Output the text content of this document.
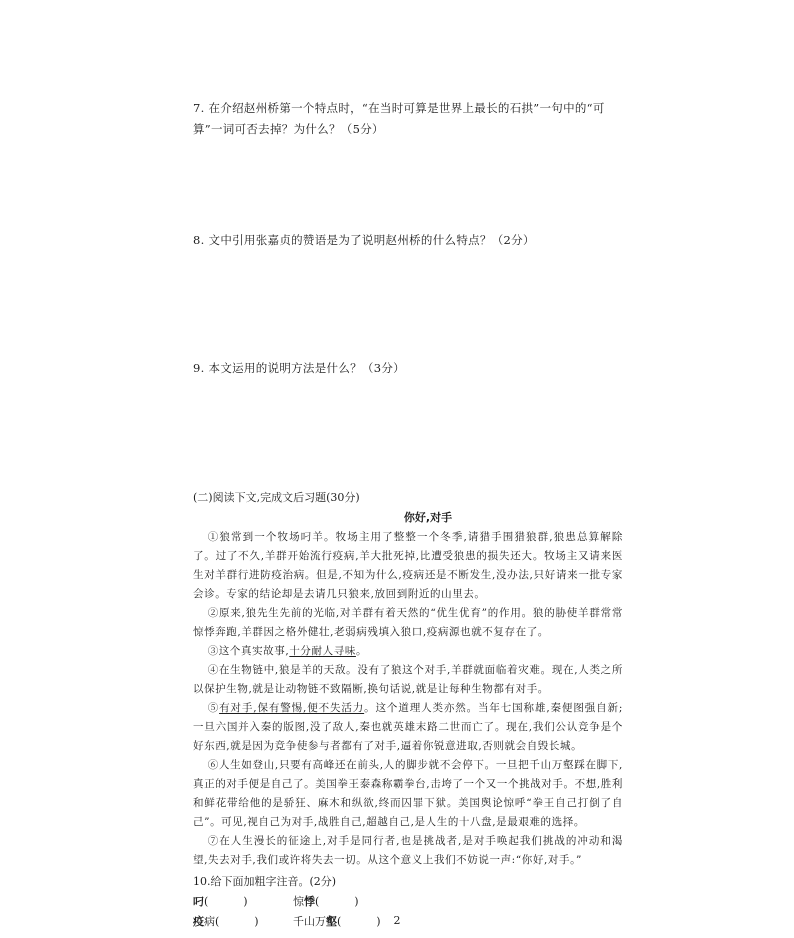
7. 在介绍赵州桥第一个特点时，“在当时可算是世界上最长的石拱”一句中的“可算”一词可否去掉？为什么？（5分）
8. 文中引用张嘉贞的赞语是为了说明赵州桥的什么特点？（2分）
9. 本文运用的说明方法是什么？（3分）
(二)阅读下文,完成文后习题(30分)
你好,对手
①狼常到一个牧场叼羊。牧场主用了整整一个冬季,请猎手围猎狼群,狼患总算解除了。过了不久,羊群开始流行疫病,羊大批死掉,比遭受狼患的损失还大。牧场主又请来医生对羊群行进防疫治病。但是,不知为什么,疫病还是不断发生,没办法,只好请来一批专家会诊。专家的结论却是去请几只狼来,放回到附近的山里去。
②原来,狼先生先前的光临,对羊群有着天然的“优生优育”的作用。狼的胁使羊群常常惊悸奔跑,羊群因之格外健壮,老弱病残填入狼口,疫病源也就不复存在了。
③这个真实故事,十分耐人寻味。
④在生物链中,狼是羊的天敌。没有了狼这个对手,羊群就面临着灾难。现在,人类之所以保护生物,就是让动物链不致隔断,换句话说,就是让每种生物都有对手。
⑤有对手,保有警惕,便不失活力。这个道理人类亦然。当年七国称雄,秦便图强自新;一旦六国并入秦的版图,没了敌人,秦也就英雄末路二世而亡了。现在,我们公认竞争是个好东西,就是因为竞争使参与者都有了对手,逼着你锐意进取,否则就会自毁长城。
⑥人生如登山,只要有高峰还在前头,人的脚步就不会停下。一旦把千山万壑踩在脚下,真正的对手便是自己了。美国拳王泰森称霸拳台,击垮了一个又一个挑战对手。不想,胜利和鲜花带给他的是骄狂、麻木和纵欲,终而囚罪下狱。美国舆论惊呼“拳王自己打倒了自己”。可见,视自己为对手,战胜自己,超越自己,是人生的十八盘,是最艰难的选择。
⑦在人生漫长的征途上,对手是同行者,也是挑战者,是对手唤起我们挑战的冲动和渴望,失去对手,我们或许将失去一切。从这个意义上我们不妨说一声:“你好,对手。”
10.给下面加粗字注音。(2分)
叼(          )	惊悸(          )
疫病(          )	千山万壑(          )	2
